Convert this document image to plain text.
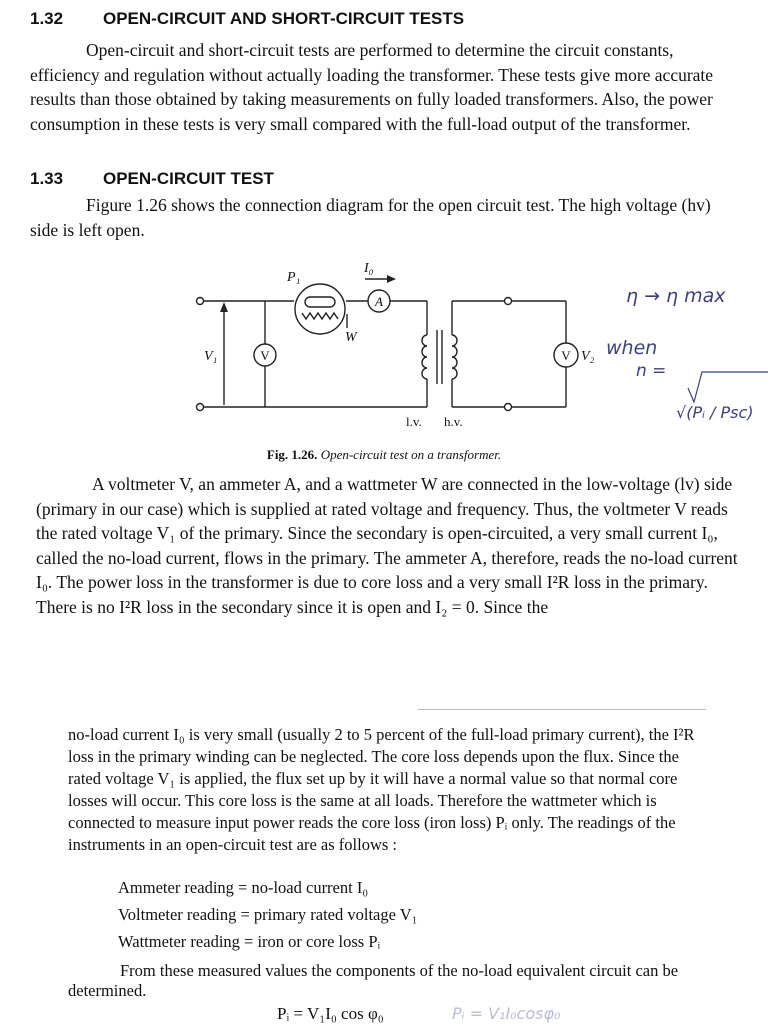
1.32 OPEN-CIRCUIT AND SHORT-CIRCUIT TESTS
Open-circuit and short-circuit tests are performed to determine the circuit constants, efficiency and regulation without actually loading the transformer. These tests give more accurate results than those obtained by taking measurements on fully loaded transformers. Also, the power consumption in these tests is very small compared with the full-load output of the transformer.
1.33 OPEN-CIRCUIT TEST
Figure 1.26 shows the connection diagram for the open circuit test. The high voltage (hv) side is left open.
P₁
I₀
A
W
V
V₁	V V₂
l.v. h.v.
η → η max
when
n =
√(Pᵢ / Psc)
Fig. 1.26. Open-circuit test on a transformer.
A voltmeter V, an ammeter A, and a wattmeter W are connected in the low-voltage (lv) side (primary in our case) which is supplied at rated voltage and frequency. Thus, the voltmeter V reads the rated voltage V₁ of the primary. Since the secondary is open-circuited, a very small current I₀, called the no-load current, flows in the primary. The ammeter A, therefore, reads the no-load current I₀. The power loss in the transformer is due to core loss and a very small I²R loss in the primary. There is no I²R loss in the secondary since it is open and I₂ = 0. Since the
no-load current I₀ is very small (usually 2 to 5 percent of the full-load primary current), the I²R loss in the primary winding can be neglected. The core loss depends upon the flux. Since the rated voltage V₁ is applied, the flux set up by it will have a normal value so that normal core losses will occur. This core loss is the same at all loads. Therefore the wattmeter which is connected to measure input power reads the core loss (iron loss) Pᵢ only. The readings of the instruments in an open-circuit test are as follows :
Ammeter reading = no-load current I₀
Voltmeter reading = primary rated voltage V₁
Wattmeter reading = iron or core loss Pᵢ
From these measured values the components of the no-load equivalent circuit can be determined.
Pᵢ = V₁I₀ cos φ₀	Pᵢ = V₁I₀cosφ₀
